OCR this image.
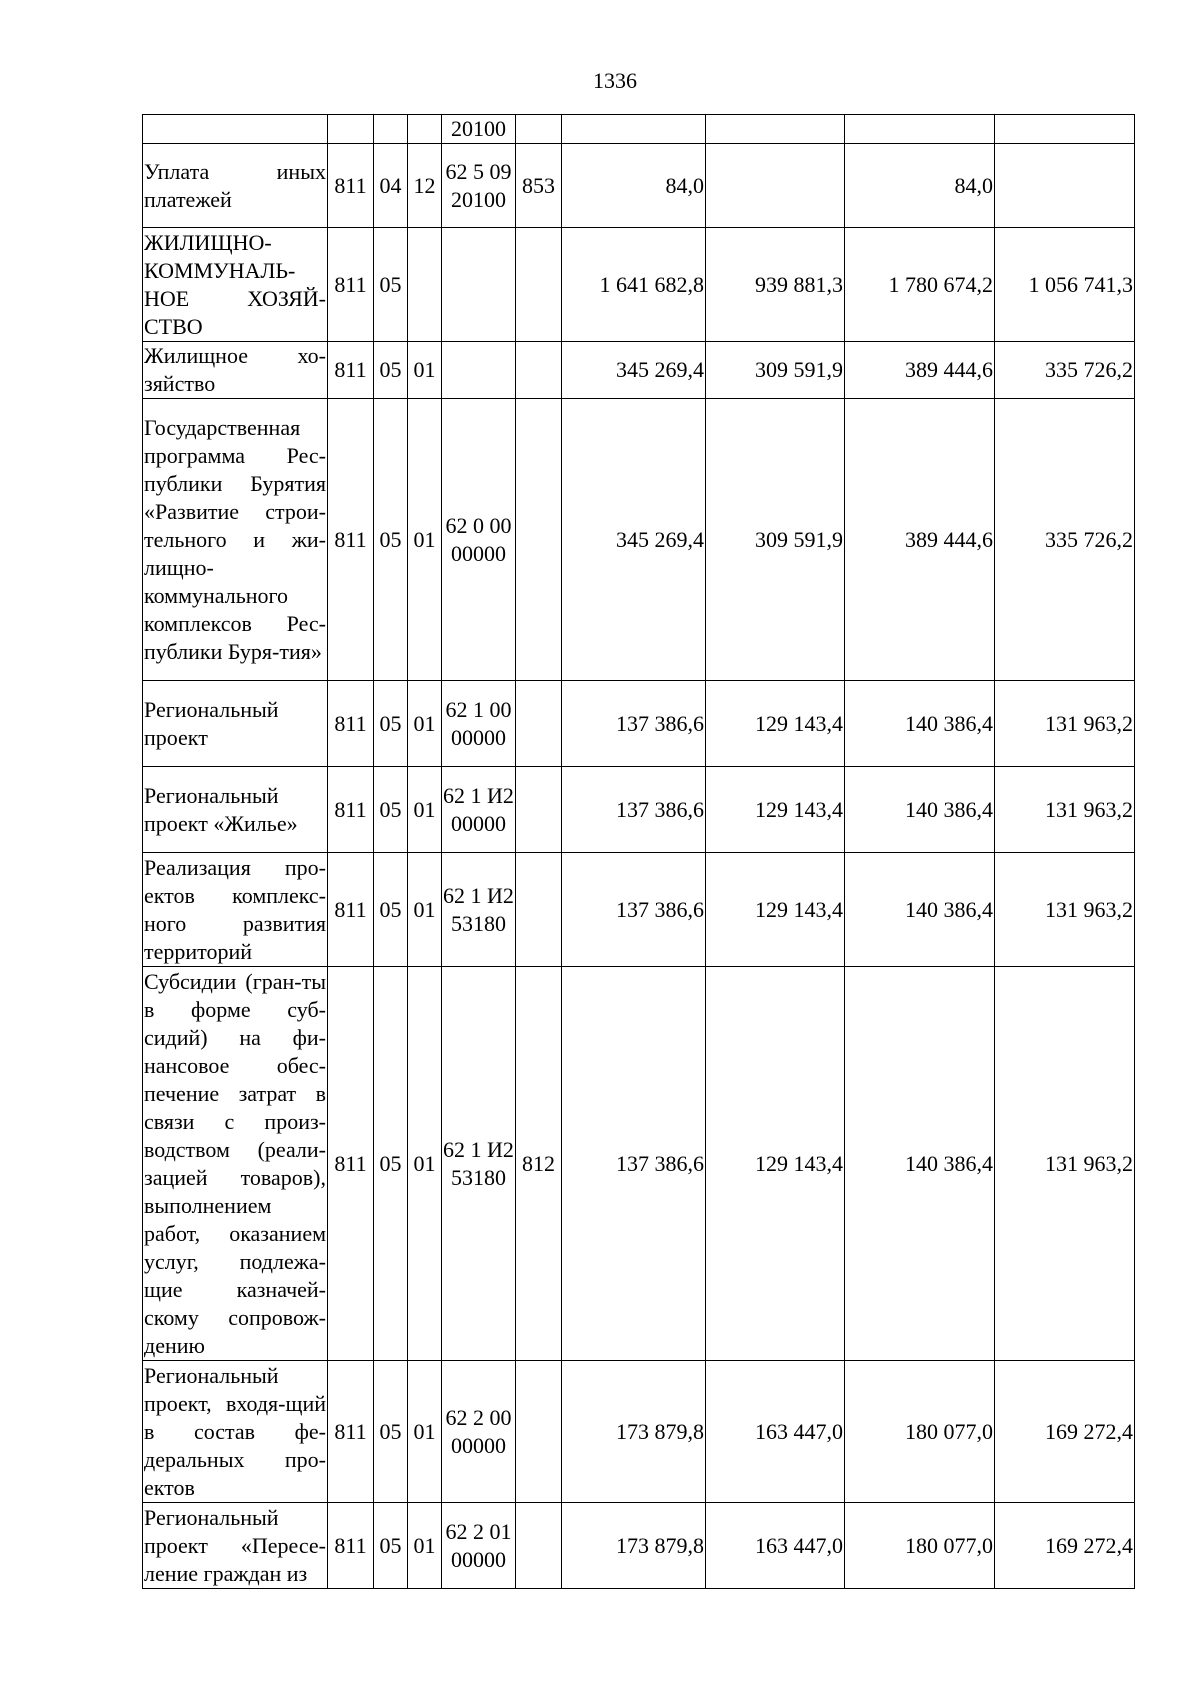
1336
				20100					
Уплата иных платежей	811	04	12	62 5 09 20100	853	84,0		84,0	
ЖИЛИЩНО-КОММУНАЛЬ-НОЕ ХОЗЯЙ-СТВО	811	05				1 641 682,8	939 881,3	1 780 674,2	1 056 741,3
Жилищное хо-зяйство	811	05	01			345 269,4	309 591,9	389 444,6	335 726,2
Государственная программа Рес-публики Бурятия «Развитие строи-тельного и жи-лищно-коммунального комплексов Рес-публики Буря-тия»	811	05	01	62 0 00 00000		345 269,4	309 591,9	389 444,6	335 726,2
Региональный проект	811	05	01	62 1 00 00000		137 386,6	129 143,4	140 386,4	131 963,2
Региональный проект «Жилье»	811	05	01	62 1 И2 00000		137 386,6	129 143,4	140 386,4	131 963,2
Реализация про-ектов комплекс-ного развития территорий	811	05	01	62 1 И2 53180		137 386,6	129 143,4	140 386,4	131 963,2
Субсидии (гран-ты в форме суб-сидий) на фи-нансовое обес-печение затрат в связи с произ-водством (реали-зацией товаров), выполнением работ, оказанием услуг, подлежа-щие казначей-скому сопровож-дению	811	05	01	62 1 И2 53180	812	137 386,6	129 143,4	140 386,4	131 963,2
Региональный проект, входя-щий в состав фе-деральных про-ектов	811	05	01	62 2 00 00000		173 879,8	163 447,0	180 077,0	169 272,4
Региональный проект «Пересе-ление граждан из	811	05	01	62 2 01 00000		173 879,8	163 447,0	180 077,0	169 272,4
